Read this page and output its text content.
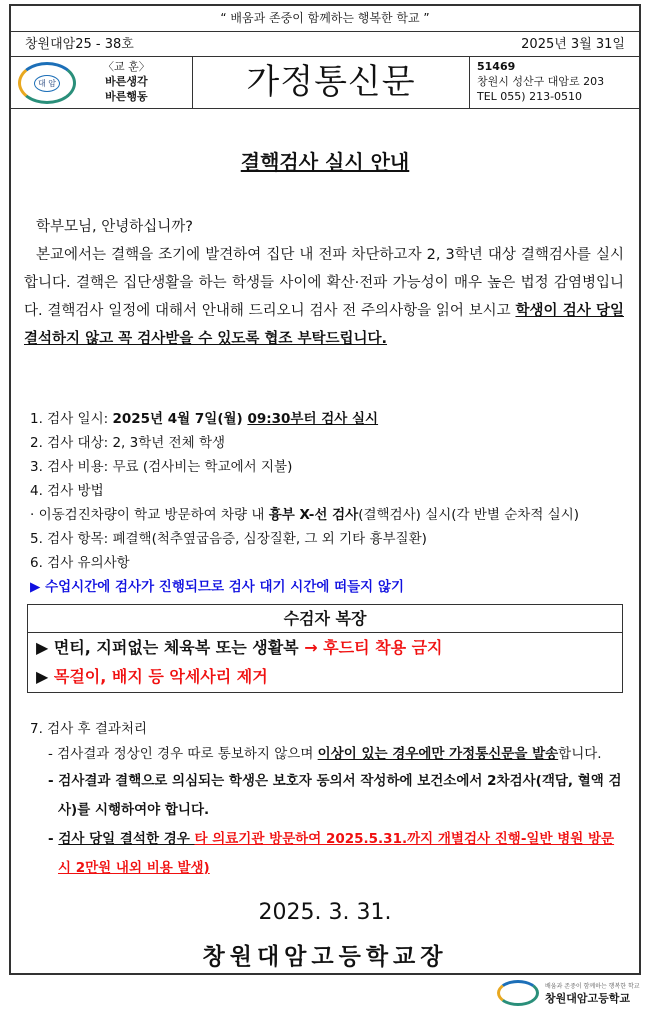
“ 배움과 존중이 함께하는 행복한 학교 ”
창원대암25 - 38호	2025년 3월 31일
대 암
〈교 훈〉
바른생각
바른행동	가정통신문	51469
창원시 성산구 대암로 203
TEL 055) 213-0510
결핵검사 실시 안내
학부모님, 안녕하십니까?
본교에서는 결핵을 조기에 발견하여 집단 내 전파 차단하고자 2, 3학년 대상 결핵검사를 실시합니다. 결핵은 집단생활을 하는 학생들 사이에 확산·전파 가능성이 매우 높은 법정 감염병입니다. 결핵검사 일정에 대해서 안내해 드리오니 검사 전 주의사항을 읽어 보시고 학생이 검사 당일 결석하지 않고 꼭 검사받을 수 있도록 협조 부탁드립니다.
1. 검사 일시: 2025년 4월 7일(월) 09:30부터 검사 실시
2. 검사 대상: 2, 3학년 전체 학생
3. 검사 비용: 무료 (검사비는 학교에서 지불)
4. 검사 방법
· 이동검진차량이 학교 방문하여 차량 내 흉부 X-선 검사(결핵검사) 실시(각 반별 순차적 실시)
5. 검사 항목: 폐결핵(척추옆굽음증, 심장질환, 그 외 기타 흉부질환)
6. 검사 유의사항
▶ 수업시간에 검사가 진행되므로 검사 대기 시간에 떠들지 않기
수검자 복장
▶ 면티, 지퍼없는 체육복 또는 생활복 → 후드티 착용 금지
▶ 목걸이, 배지 등 악세사리 제거
7. 검사 후 결과처리
- 검사결과 정상인 경우 따로 통보하지 않으며 이상이 있는 경우에만 가정통신문을 발송합니다.
- 검사결과 결핵으로 의심되는 학생은 보호자 동의서 작성하에 보건소에서 2차검사(객담, 혈액 검사)를 시행하여야 합니다.
- 검사 당일 결석한 경우 타 의료기관 방문하여 2025.5.31.까지 개별검사 진행-일반 병원 방문 시 2만원 내외 비용 발생)
2025. 3. 31.
창원대암고등학교장
배움과 존중이 함께하는 행복한 학교
창원대암고등학교
